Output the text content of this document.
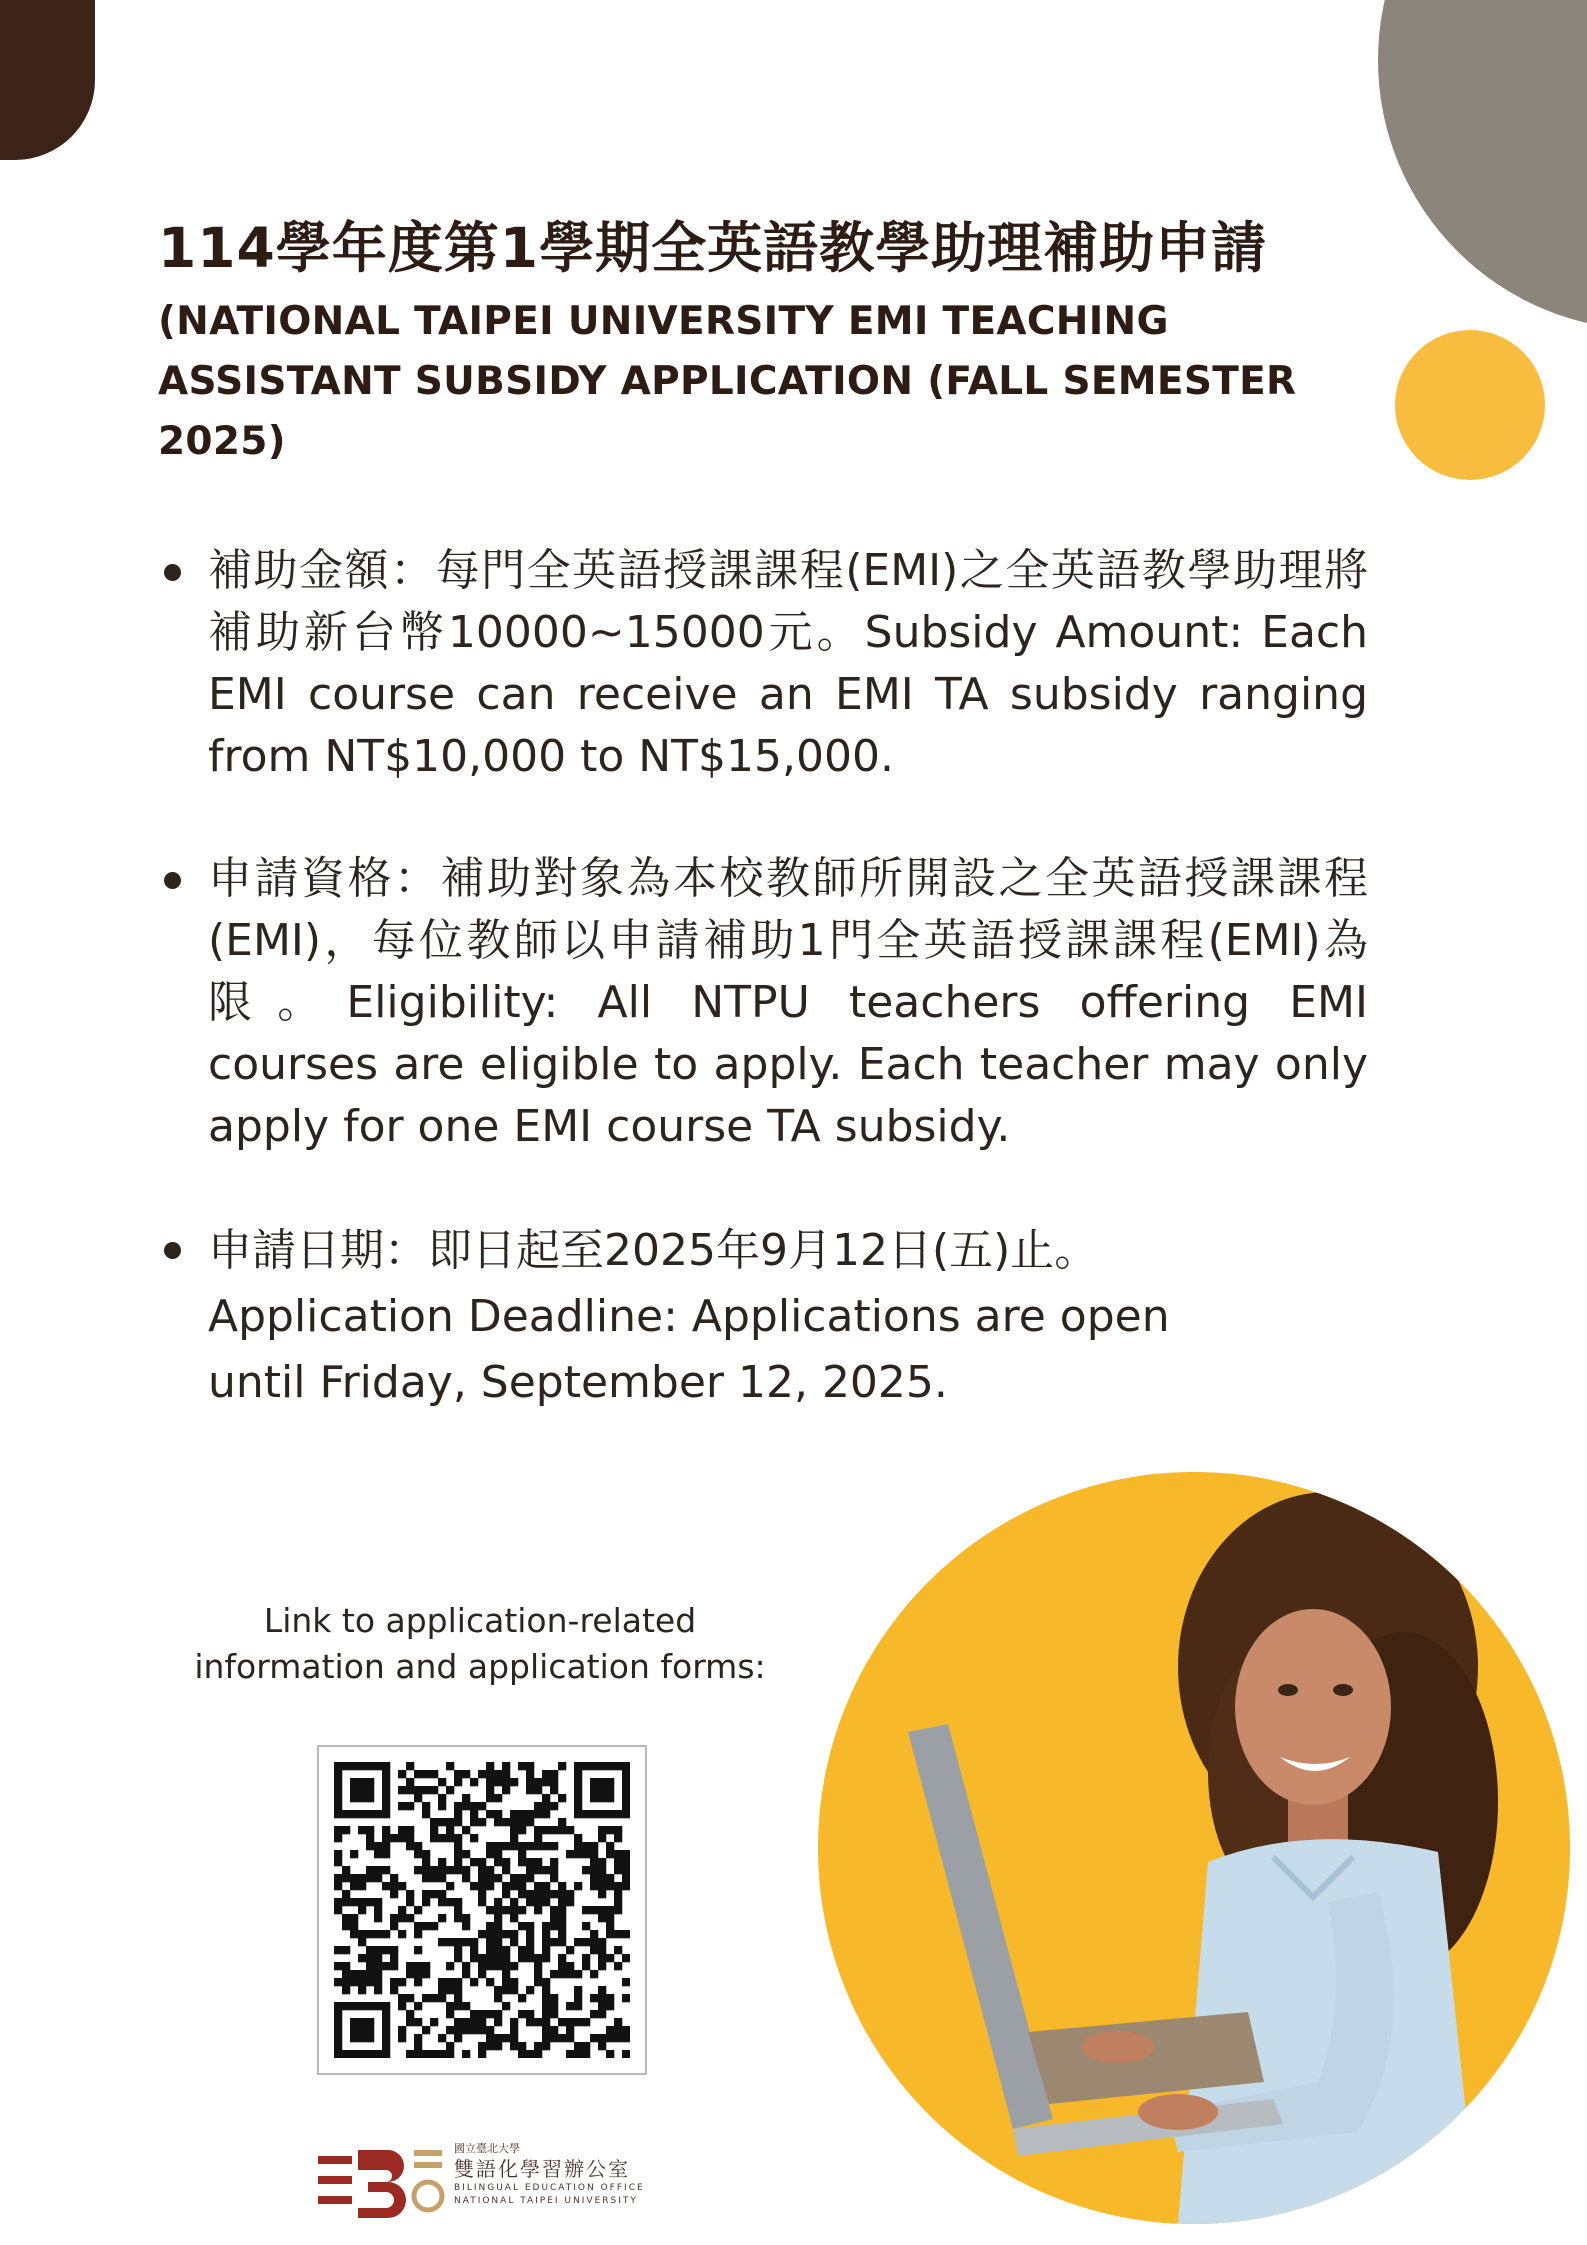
114學年度第1學期全英語教學助理補助申請
(NATIONAL TAIPEI UNIVERSITY EMI TEACHING ASSISTANT SUBSIDY APPLICATION (FALL SEMESTER 2025)
補助金額：每門全英語授課課程(EMI)之全英語教學助理將補助新台幣10000~15000元。Subsidy Amount: Each EMI course can receive an EMI TA subsidy ranging from NT$10,000 to NT$15,000.
申請資格：補助對象為本校教師所開設之全英語授課課程(EMI)，每位教師以申請補助1門全英語授課課程(EMI)為限。Eligibility: All NTPU teachers offering EMI courses are eligible to apply. Each teacher may only apply for one EMI course TA subsidy.
申請日期：即日起至2025年9月12日(五)止。
Application Deadline: Applications are open
until Friday, September 12, 2025.
Link to application-related
information and application forms:
國立臺北大學
雙語化學習辦公室
BILINGUAL EDUCATION OFFICE
NATIONAL TAIPEI UNIVERSITY
